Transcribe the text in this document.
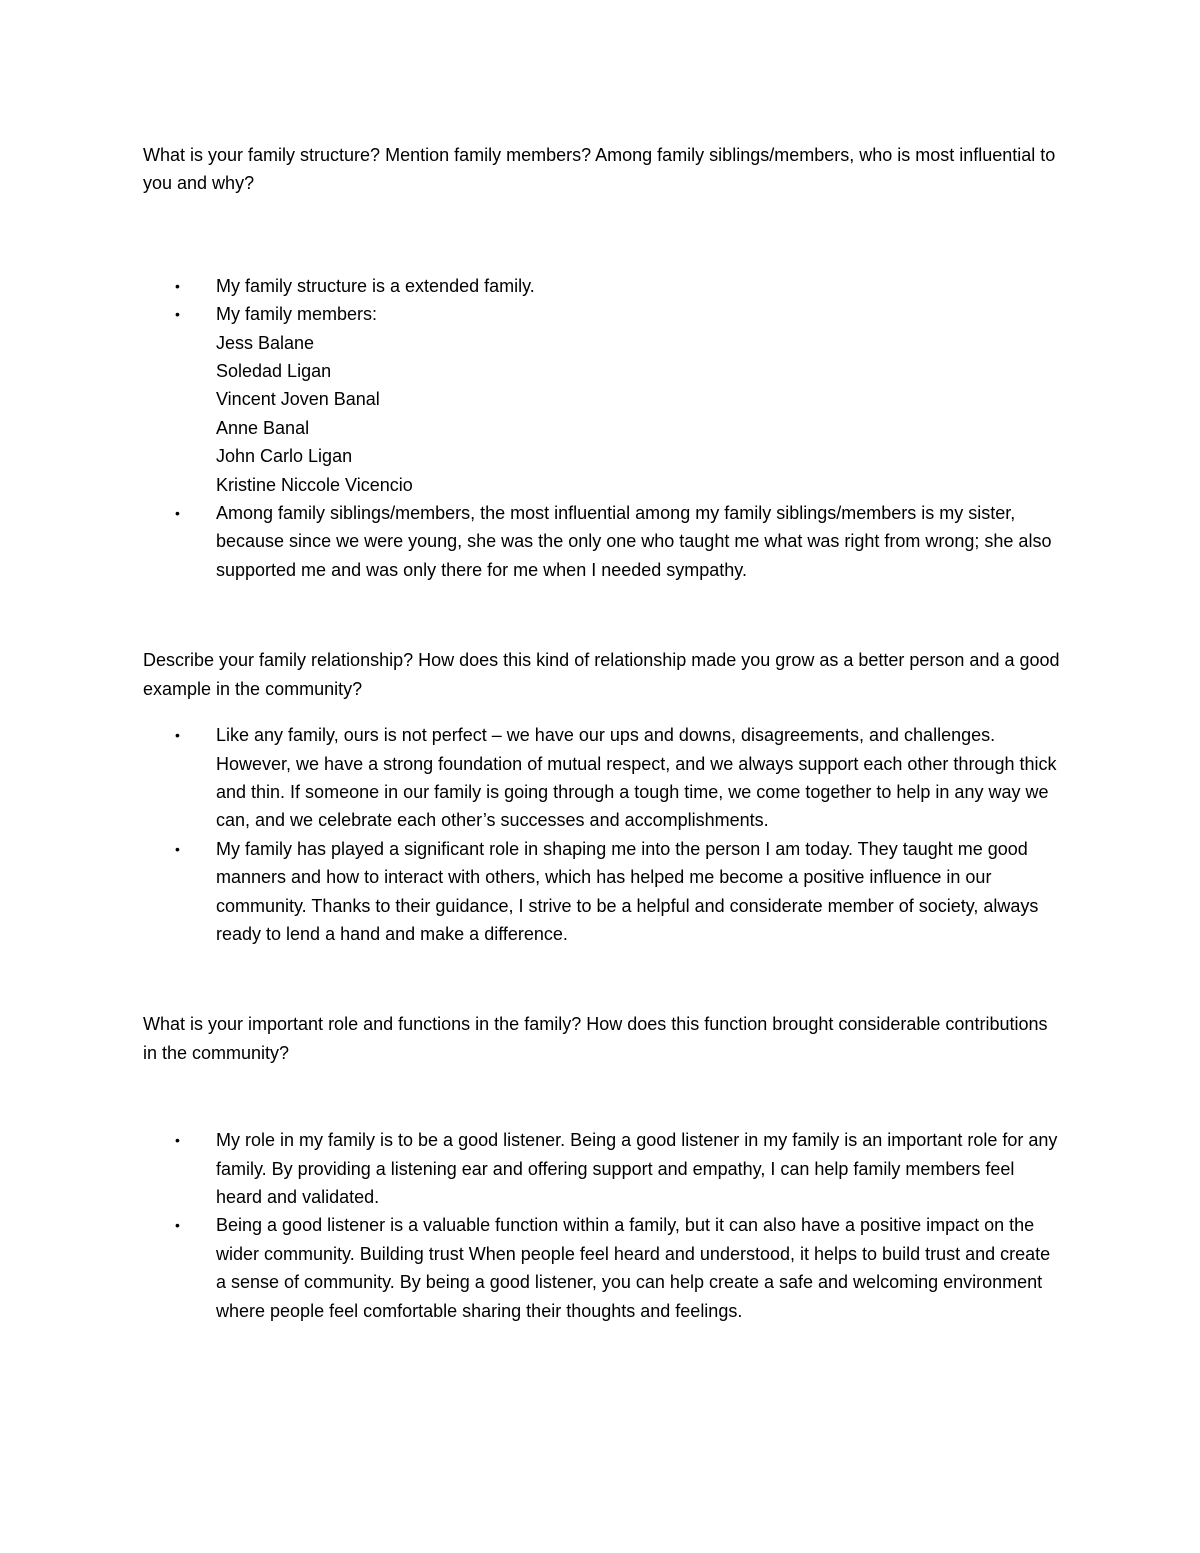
What is your family structure? Mention family members? Among family siblings/members, who is most influential to you and why?

• My family structure is a extended family.
• My family members:
Jess Balane
Soledad Ligan
Vincent Joven Banal
Anne Banal
John Carlo Ligan
Kristine Niccole Vicencio
• Among family siblings/members, the most influential among my family siblings/members is my sister, because since we were young, she was the only one who taught me what was right from wrong; she also supported me and was only there for me when I needed sympathy.

Describe your family relationship? How does this kind of relationship made you grow as a better person and a good example in the community?

• Like any family, ours is not perfect – we have our ups and downs, disagreements, and challenges. However, we have a strong foundation of mutual respect, and we always support each other through thick and thin. If someone in our family is going through a tough time, we come together to help in any way we can, and we celebrate each other’s successes and accomplishments.
• My family has played a significant role in shaping me into the person I am today. They taught me good manners and how to interact with others, which has helped me become a positive influence in our community. Thanks to their guidance, I strive to be a helpful and considerate member of society, always ready to lend a hand and make a difference.

What is your important role and functions in the family? How does this function brought considerable contributions in the community?

• My role in my family is to be a good listener. Being a good listener in my family is an important role for any family. By providing a listening ear and offering support and empathy, I can help family members feel heard and validated.
• Being a good listener is a valuable function within a family, but it can also have a positive impact on the wider community. Building trust When people feel heard and understood, it helps to build trust and create a sense of community. By being a good listener, you can help create a safe and welcoming environment where people feel comfortable sharing their thoughts and feelings.
